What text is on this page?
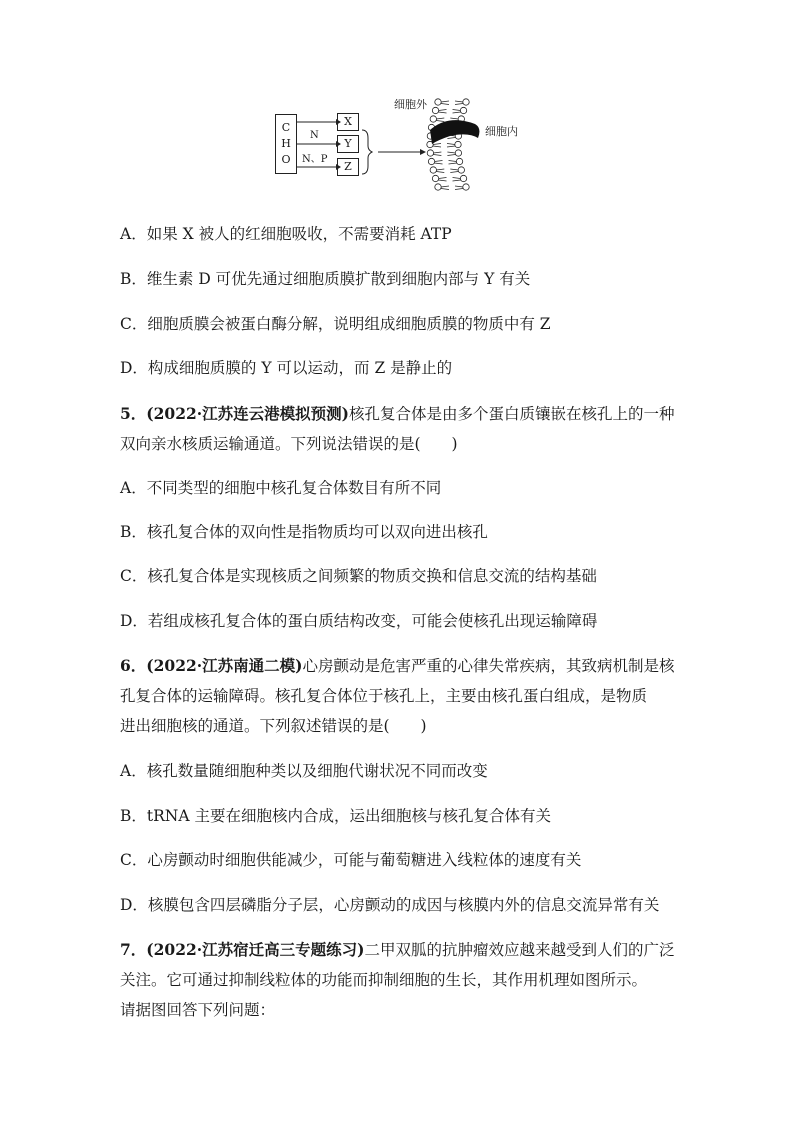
C
H
O
N
N、P
X
Y
Z
细胞外
细胞内
A．如果 X 被人的红细胞吸收，不需要消耗 ATP
B．维生素 D 可优先通过细胞质膜扩散到细胞内部与 Y 有关
C．细胞质膜会被蛋白酶分解，说明组成细胞质膜的物质中有 Z
D．构成细胞质膜的 Y 可以运动，而 Z 是静止的
5．(2022·江苏连云港模拟预测)核孔复合体是由多个蛋白质镶嵌在核孔上的一种
双向亲水核质运输通道。下列说法错误的是(　　)
A．不同类型的细胞中核孔复合体数目有所不同
B．核孔复合体的双向性是指物质均可以双向进出核孔
C．核孔复合体是实现核质之间频繁的物质交换和信息交流的结构基础
D．若组成核孔复合体的蛋白质结构改变，可能会使核孔出现运输障碍
6．(2022·江苏南通二模)心房颤动是危害严重的心律失常疾病，其致病机制是核
孔复合体的运输障碍。核孔复合体位于核孔上，主要由核孔蛋白组成，是物质
进出细胞核的通道。下列叙述错误的是(　　)
A．核孔数量随细胞种类以及细胞代谢状况不同而改变
B．tRNA 主要在细胞核内合成，运出细胞核与核孔复合体有关
C．心房颤动时细胞供能减少，可能与葡萄糖进入线粒体的速度有关
D．核膜包含四层磷脂分子层，心房颤动的成因与核膜内外的信息交流异常有关
7．(2022·江苏宿迁高三专题练习)二甲双胍的抗肿瘤效应越来越受到人们的广泛
关注。它可通过抑制线粒体的功能而抑制细胞的生长，其作用机理如图所示。
请据图回答下列问题：
